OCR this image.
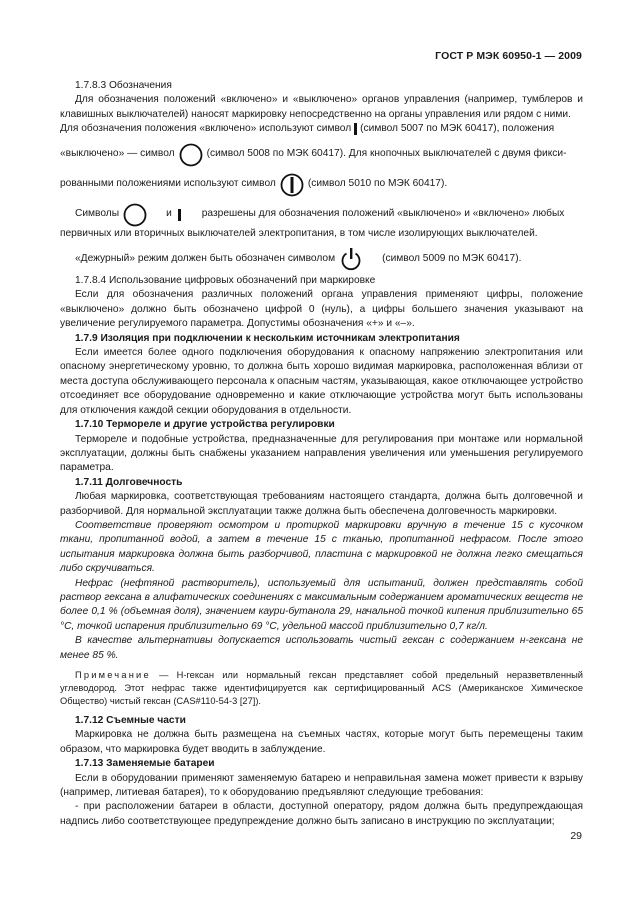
ГОСТ Р МЭК 60950-1 — 2009

1.7.8.3 Обозначения

Для обозначения положений «включено» и «выключено» органов управления (например, тумблеров и клавишных выключателей) наносят маркировку непосредственно на органы управления или рядом с ними.

Для обозначения положения «включено» используют символ (символ 5007 по МЭК 60417), положения

«выключено» — символ	(символ 5008 по МЭК 60417). Для кнопочных выключателей с двумя фикси-

рованными положениями используют символ	(символ 5010 по МЭК 60417).

Символы	и	разрешены для обозначения положений «выключено» и «включено» любых

первичных или вторичных выключателей электропитания, в том числе изолирующих выключателей.

«Дежурный» режим должен быть обозначен символом	(символ 5009 по МЭК 60417).

1.7.8.4 Использование цифровых обозначений при маркировке

Если для обозначения различных положений органа управления применяют цифры, положение «выключено» должно быть обозначено цифрой 0 (нуль), а цифры большего значения указывают на увеличение регулируемого параметра. Допустимы обозначения «+» и «–».

1.7.9 Изоляция при подключении к нескольким источникам электропитания

Если имеется более одного подключения оборудования к опасному напряжению электропитания или опасному энергетическому уровню, то должна быть хорошо видимая маркировка, расположенная вблизи от места доступа обслуживающего персонала к опасным частям, указывающая, какое отключающее устройство отсоединяет все оборудование одновременно и какие отключающие устройства могут быть использованы для отключения каждой секции оборудования в отдельности.

1.7.10 Термореле и другие устройства регулировки

Термореле и подобные устройства, предназначенные для регулирования при монтаже или нормальной эксплуатации, должны быть снабжены указанием направления увеличения или уменьшения регулируемого параметра.

1.7.11 Долговечность

Любая маркировка, соответствующая требованиям настоящего стандарта, должна быть долговечной и разборчивой. Для нормальной эксплуатации также должна быть обеспечена долговечность маркировки.

Соответствие проверяют осмотром и протиркой маркировки вручную в течение 15 с кусочком ткани, пропитанной водой, а затем в течение 15 с тканью, пропитанной нефрасом. После этого испытания маркировка должна быть разборчивой, пластина с маркировкой не должна легко смещаться либо скручиваться.

Нефрас (нефтяной растворитель), используемый для испытаний, должен представлять собой раствор гексана в алифатических соединениях с максимальным содержанием ароматических веществ не более 0,1 % (объемная доля), значением каури-бутанола 29, начальной точкой кипения приблизительно 65 °С, точкой испарения приблизительно 69 °С, удельной массой приблизительно 0,7 кг/л.

В качестве альтернативы допускается использовать чистый гексан с содержанием н-гексана не менее 85 %.

Примечание — Н-гексан или нормальный гексан представляет собой предельный неразветвленный углеводород. Этот нефрас также идентифицируется как сертифицированный ACS (Американское Химическое Общество) чистый гексан (CAS#110-54-3 [27]).

1.7.12 Съемные части

Маркировка не должна быть размещена на съемных частях, которые могут быть перемещены таким образом, что маркировка будет вводить в заблуждение.

1.7.13 Заменяемые батареи

Если в оборудовании применяют заменяемую батарею и неправильная замена может привести к взрыву (например, литиевая батарея), то к оборудованию предъявляют следующие требования:

- при расположении батареи в области, доступной оператору, рядом должна быть предупреждающая надпись либо соответствующее предупреждение должно быть записано в инструкцию по эксплуатации;

29
